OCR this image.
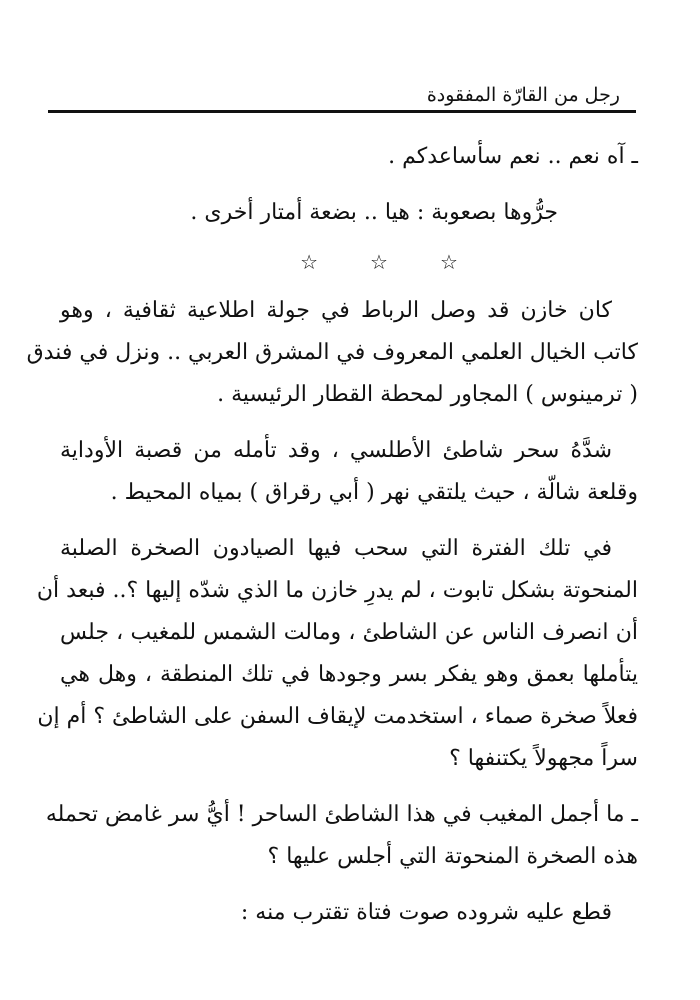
رجل من القارّة المفقودة

ـ آه نعم .. نعم سأساعدكم .

جرُّوها بصعوبة : هيا .. بضعة أمتار أخرى .

☆	☆	☆

كان خازن قد وصل الرباط في جولة اطلاعية ثقافية ، وهو
كاتب الخيال العلمي المعروف في المشرق العربي .. ونزل في فندق
( ترمينوس ) المجاور لمحطة القطار الرئيسية .

شدَّهُ سحر شاطئ الأطلسي ، وقد تأمله من قصبة الأوداية
وقلعة شالّة ، حيث يلتقي نهر ( أبي رقراق ) بمياه المحيط .

في تلك الفترة التي سحب فيها الصيادون الصخرة الصلبة
المنحوتة بشكل تابوت ، لم يدرِ خازن ما الذي شدّه إليها ؟.. فبعد أن
أن انصرف الناس عن الشاطئ ، ومالت الشمس للمغيب ، جلس
يتأملها بعمق وهو يفكر بسر وجودها في تلك المنطقة ، وهل هي
فعلاً صخرة صماء ، استخدمت لإيقاف السفن على الشاطئ ؟ أم إن
سراً مجهولاً يكتنفها ؟

ـ ما أجمل المغيب في هذا الشاطئ الساحر ! أيُّ سر غامض تحمله
هذه الصخرة المنحوتة التي أجلس عليها ؟

قطع عليه شروده صوت فتاة تقترب منه :
